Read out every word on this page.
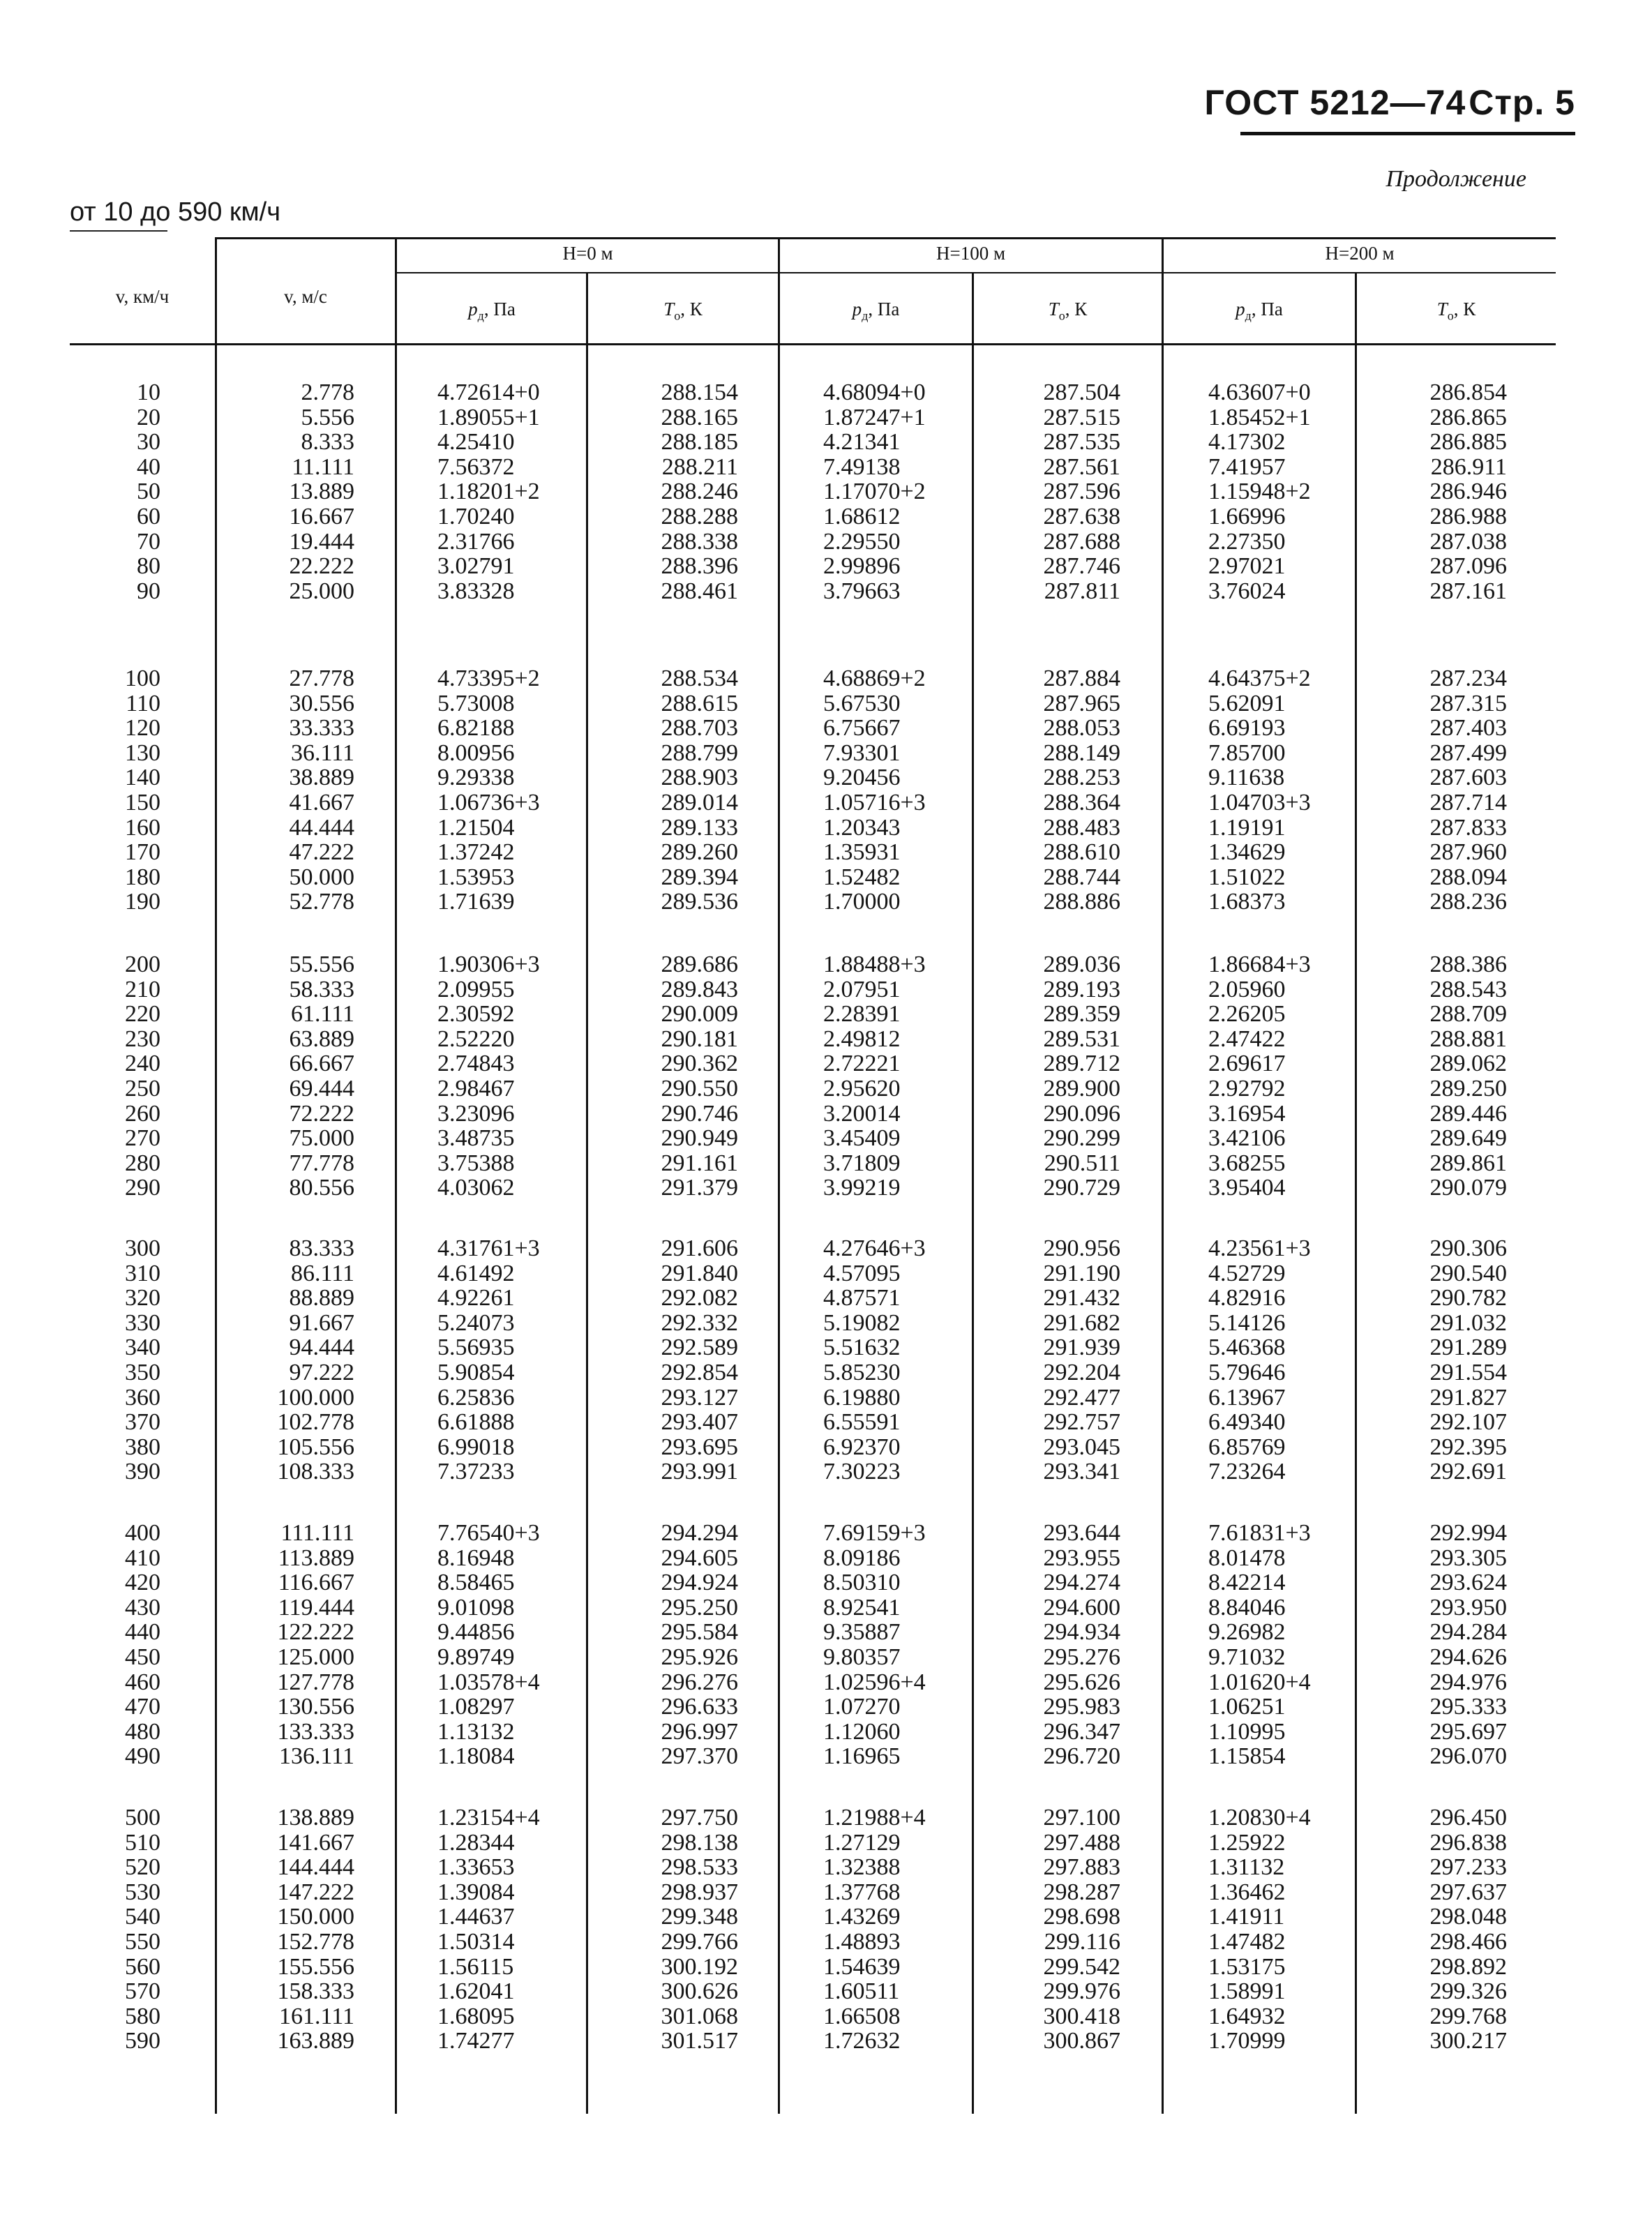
ГОСТ 5212—74 Стр. 5
Продолжение
от 10 до 590 км/ч
H=0 м	H=100 м	H=200 м
v, км/ч	v, м/с
$p_д$, Па	$T_o$, К	$p_д$, Па	$T_o$, К	$p_д$, Па	$T_o$, К
10	2.778	4.72614+0	288.154	4.68094+0	287.504	4.63607+0	286.854
20	5.556	1.89055+1	288.165	1.87247+1	287.515	1.85452+1	286.865
30	8.333	4.25410	288.185	4.21341	287.535	4.17302	286.885
40	11.111	7.56372	288.211	7.49138	287.561	7.41957	286.911
50	13.889	1.18201+2	288.246	1.17070+2	287.596	1.15948+2	286.946
60	16.667	1.70240	288.288	1.68612	287.638	1.66996	286.988
70	19.444	2.31766	288.338	2.29550	287.688	2.27350	287.038
80	22.222	3.02791	288.396	2.99896	287.746	2.97021	287.096
90	25.000	3.83328	288.461	3.79663	287.811	3.76024	287.161
100	27.778	4.73395+2	288.534	4.68869+2	287.884	4.64375+2	287.234
110	30.556	5.73008	288.615	5.67530	287.965	5.62091	287.315
120	33.333	6.82188	288.703	6.75667	288.053	6.69193	287.403
130	36.111	8.00956	288.799	7.93301	288.149	7.85700	287.499
140	38.889	9.29338	288.903	9.20456	288.253	9.11638	287.603
150	41.667	1.06736+3	289.014	1.05716+3	288.364	1.04703+3	287.714
160	44.444	1.21504	289.133	1.20343	288.483	1.19191	287.833
170	47.222	1.37242	289.260	1.35931	288.610	1.34629	287.960
180	50.000	1.53953	289.394	1.52482	288.744	1.51022	288.094
190	52.778	1.71639	289.536	1.70000	288.886	1.68373	288.236
200	55.556	1.90306+3	289.686	1.88488+3	289.036	1.86684+3	288.386
210	58.333	2.09955	289.843	2.07951	289.193	2.05960	288.543
220	61.111	2.30592	290.009	2.28391	289.359	2.26205	288.709
230	63.889	2.52220	290.181	2.49812	289.531	2.47422	288.881
240	66.667	2.74843	290.362	2.72221	289.712	2.69617	289.062
250	69.444	2.98467	290.550	2.95620	289.900	2.92792	289.250
260	72.222	3.23096	290.746	3.20014	290.096	3.16954	289.446
270	75.000	3.48735	290.949	3.45409	290.299	3.42106	289.649
280	77.778	3.75388	291.161	3.71809	290.511	3.68255	289.861
290	80.556	4.03062	291.379	3.99219	290.729	3.95404	290.079
300	83.333	4.31761+3	291.606	4.27646+3	290.956	4.23561+3	290.306
310	86.111	4.61492	291.840	4.57095	291.190	4.52729	290.540
320	88.889	4.92261	292.082	4.87571	291.432	4.82916	290.782
330	91.667	5.24073	292.332	5.19082	291.682	5.14126	291.032
340	94.444	5.56935	292.589	5.51632	291.939	5.46368	291.289
350	97.222	5.90854	292.854	5.85230	292.204	5.79646	291.554
360	100.000	6.25836	293.127	6.19880	292.477	6.13967	291.827
370	102.778	6.61888	293.407	6.55591	292.757	6.49340	292.107
380	105.556	6.99018	293.695	6.92370	293.045	6.85769	292.395
390	108.333	7.37233	293.991	7.30223	293.341	7.23264	292.691
400	111.111	7.76540+3	294.294	7.69159+3	293.644	7.61831+3	292.994
410	113.889	8.16948	294.605	8.09186	293.955	8.01478	293.305
420	116.667	8.58465	294.924	8.50310	294.274	8.42214	293.624
430	119.444	9.01098	295.250	8.92541	294.600	8.84046	293.950
440	122.222	9.44856	295.584	9.35887	294.934	9.26982	294.284
450	125.000	9.89749	295.926	9.80357	295.276	9.71032	294.626
460	127.778	1.03578+4	296.276	1.02596+4	295.626	1.01620+4	294.976
470	130.556	1.08297	296.633	1.07270	295.983	1.06251	295.333
480	133.333	1.13132	296.997	1.12060	296.347	1.10995	295.697
490	136.111	1.18084	297.370	1.16965	296.720	1.15854	296.070
500	138.889	1.23154+4	297.750	1.21988+4	297.100	1.20830+4	296.450
510	141.667	1.28344	298.138	1.27129	297.488	1.25922	296.838
520	144.444	1.33653	298.533	1.32388	297.883	1.31132	297.233
530	147.222	1.39084	298.937	1.37768	298.287	1.36462	297.637
540	150.000	1.44637	299.348	1.43269	298.698	1.41911	298.048
550	152.778	1.50314	299.766	1.48893	299.116	1.47482	298.466
560	155.556	1.56115	300.192	1.54639	299.542	1.53175	298.892
570	158.333	1.62041	300.626	1.60511	299.976	1.58991	299.326
580	161.111	1.68095	301.068	1.66508	300.418	1.64932	299.768
590	163.889	1.74277	301.517	1.72632	300.867	1.70999	300.217
